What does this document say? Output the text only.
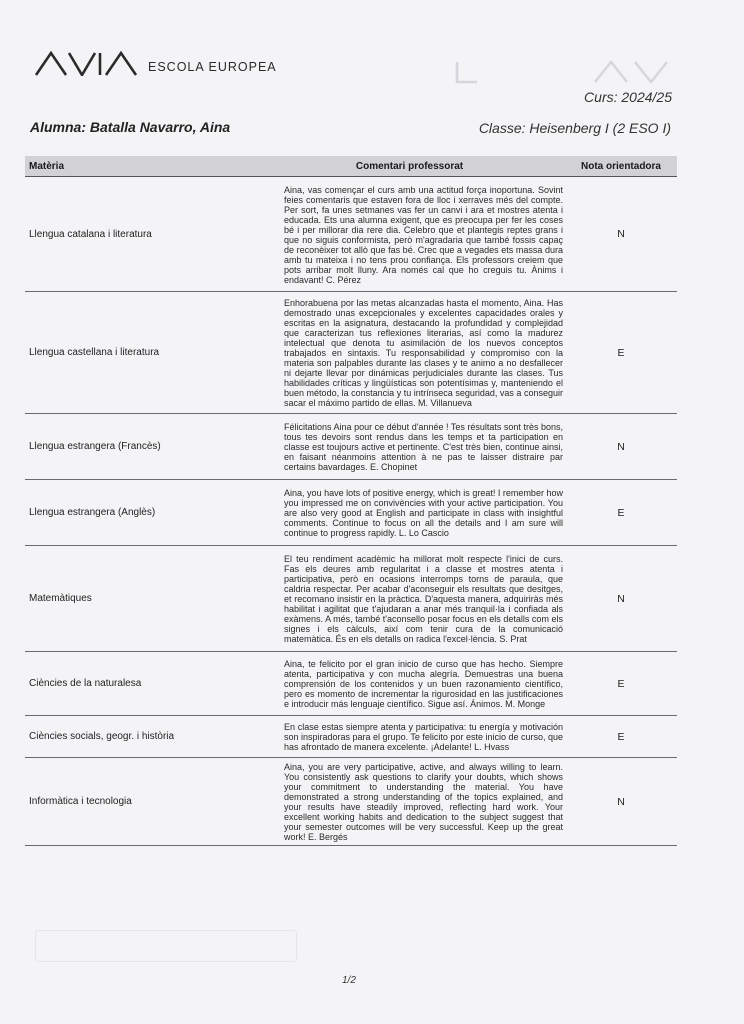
ESCOLA EUROPEA
Curs: 2024/25
Alumna: Batalla Navarro, Aina	Classe: Heisenberg I (2 ESO I)
Matèria	Comentari professorat	Nota orientadora
Llengua catalana i literatura	Aina, vas començar el curs amb una actitud força inoportuna. Sovint feies comentaris que estaven fora de lloc i xerraves més del compte. Per sort, fa unes setmanes vas fer un canvi i ara et mostres atenta i educada. Ets una alumna exigent, que es preocupa per fer les coses bé i per millorar dia rere dia. Celebro que et plantegis reptes grans i que no siguis conformista, però m'agradaria que també fossis capaç de reconèixer tot allò que fas bé. Crec que a vegades ets massa dura amb tu mateixa i no tens prou confiança. Els professors creiem que pots arribar molt lluny. Ara només cal que ho creguis tu. Ànims i endavant! C. Pérez	N
Llengua castellana i literatura	Enhorabuena por las metas alcanzadas hasta el momento, Aina. Has demostrado unas excepcionales y excelentes capacidades orales y escritas en la asignatura, destacando la profundidad y complejidad que caracterizan tus reflexiones literarias, así como la madurez intelectual que denota tu asimilación de los nuevos conceptos trabajados en sintaxis. Tu responsabilidad y compromiso con la materia son palpables durante las clases y te animo a no desfallecer ni dejarte llevar por dinámicas perjudiciales durante las clases. Tus habilidades críticas y lingüísticas son potentísimas y, manteniendo el buen método, la constancia y tu intrínseca seguridad, vas a conseguir sacar el máximo partido de ellas. M. Villanueva	E
Llengua estrangera (Francès)	Félicitations Aina pour ce début d'année ! Tes résultats sont très bons, tous tes devoirs sont rendus dans les temps et ta participation en classe est toujours active et pertinente. C'est très bien, continue ainsi, en faisant néanmoins attention à ne pas te laisser distraire par certains bavardages. E. Chopinet	N
Llengua estrangera (Anglès)	Aina, you have lots of positive energy, which is great! I remember how you impressed me on convivències with your active participation. You are also very good at English and participate in class with insightful comments. Continue to focus on all the details and I am sure will continue to progress rapidly. L. Lo Cascio	E
Matemàtiques	El teu rendiment acadèmic ha millorat molt respecte l'inici de curs. Fas els deures amb regularitat i a classe et mostres atenta i participativa, però en ocasions interromps torns de paraula, que caldria respectar. Per acabar d'aconseguir els resultats que desitges, et recomano insistir en la pràctica. D'aquesta manera, adquiriràs més habilitat i agilitat que t'ajudaran a anar més tranquil·la i confiada als exàmens. A més, també t'aconsello posar focus en els detalls com els signes i els càlculs, així com tenir cura de la comunicació matemàtica. És en els detalls on radica l'excel·lència. S. Prat	N
Ciències de la naturalesa	Aina, te felicito por el gran inicio de curso que has hecho. Siempre atenta, participativa y con mucha alegría. Demuestras una buena comprensión de los contenidos y un buen razonamiento científico, pero es momento de incrementar la rigurosidad en las justificaciones e introducir más lenguaje científico. Sigue así. Ánimos. M. Monge	E
Ciències socials, geogr. i història	En clase estas siempre atenta y participativa: tu energía y motivación son inspiradoras para el grupo. Te felicito por este inicio de curso, que has afrontado de manera excelente. ¡Adelante! L. Hvass	E
Informàtica i tecnologia	Aina, you are very participative, active, and always willing to learn. You consistently ask questions to clarify your doubts, which shows your commitment to understanding the material. You have demonstrated a strong understanding of the topics explained, and your results have steadily improved, reflecting hard work. Your excellent working habits and dedication to the subject suggest that your semester outcomes will be very successful. Keep up the great work! E. Bergés	N
1/2
